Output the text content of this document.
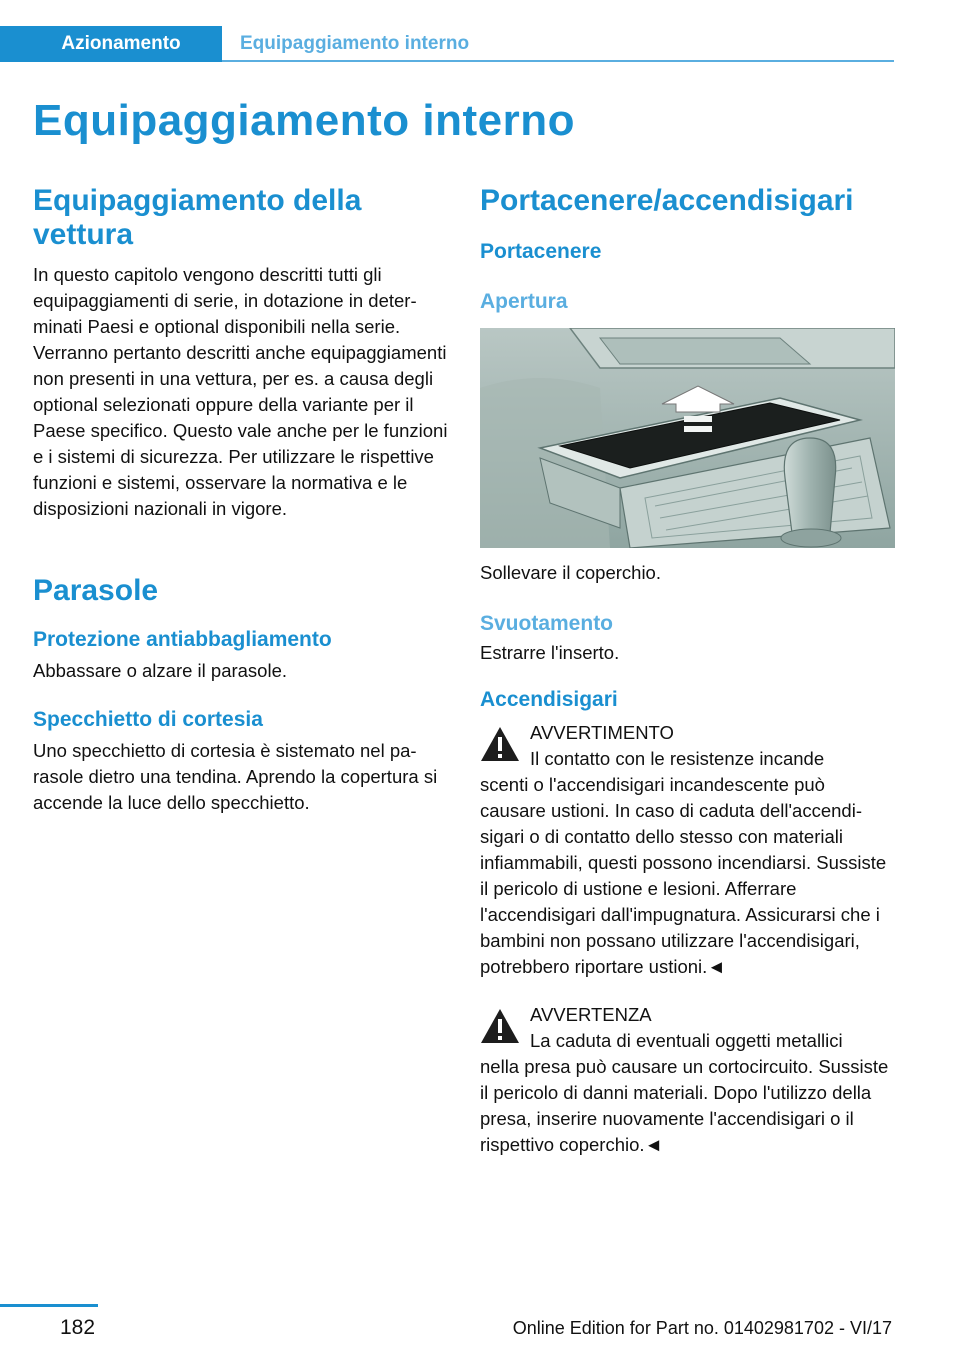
Azionamento	Equipaggiamento interno
Equipaggiamento interno
Equipaggiamento della vettura

In questo capitolo vengono descritti tutti gli equipaggiamenti di serie, in dotazione in determinati Paesi e optional disponibili nella serie. Verranno pertanto descritti anche equipaggiamenti non presenti in una vettura, per es. a causa degli optional selezionati oppure della variante per il Paese specifico. Questo vale anche per le funzioni e i sistemi di sicurezza. Per utilizzare le rispettive funzioni e sistemi, osservare la normativa e le disposizioni nazionali in vigore.

Parasole
Protezione antiabbagliamento

Abbassare o alzare il parasole.

Specchietto di cortesia

Uno specchietto di cortesia è sistemato nel parasole dietro una tendina. Aprendo la copertura si accende la luce dello specchietto.

Portacenere/accendisigari
Portacenere
Apertura

Sollevare il coperchio.

Svuotamento

Estrarre l'inserto.

Accendisigari

AVVERTIMENTO

Il contatto con le resistenze incande

scenti o l'accendisigari incandescente può causare ustioni. In caso di caduta dell'accendisigari o di contatto dello stesso con materiali infiammabili, questi possono incendiarsi. Sussiste il pericolo di ustione e lesioni. Afferrare l'accendisigari dall'impugnatura. Assicurarsi che i bambini non possano utilizzare l'accendisigari, potrebbero riportare ustioni.◄

AVVERTENZA

La caduta di eventuali oggetti metallici

nella presa può causare un cortocircuito. Sussiste il pericolo di danni materiali. Dopo l'utilizzo della presa, inserire nuovamente l'accendisigari o il rispettivo coperchio.◄

182	Online Edition for Part no. 01402981702 - VI/17
